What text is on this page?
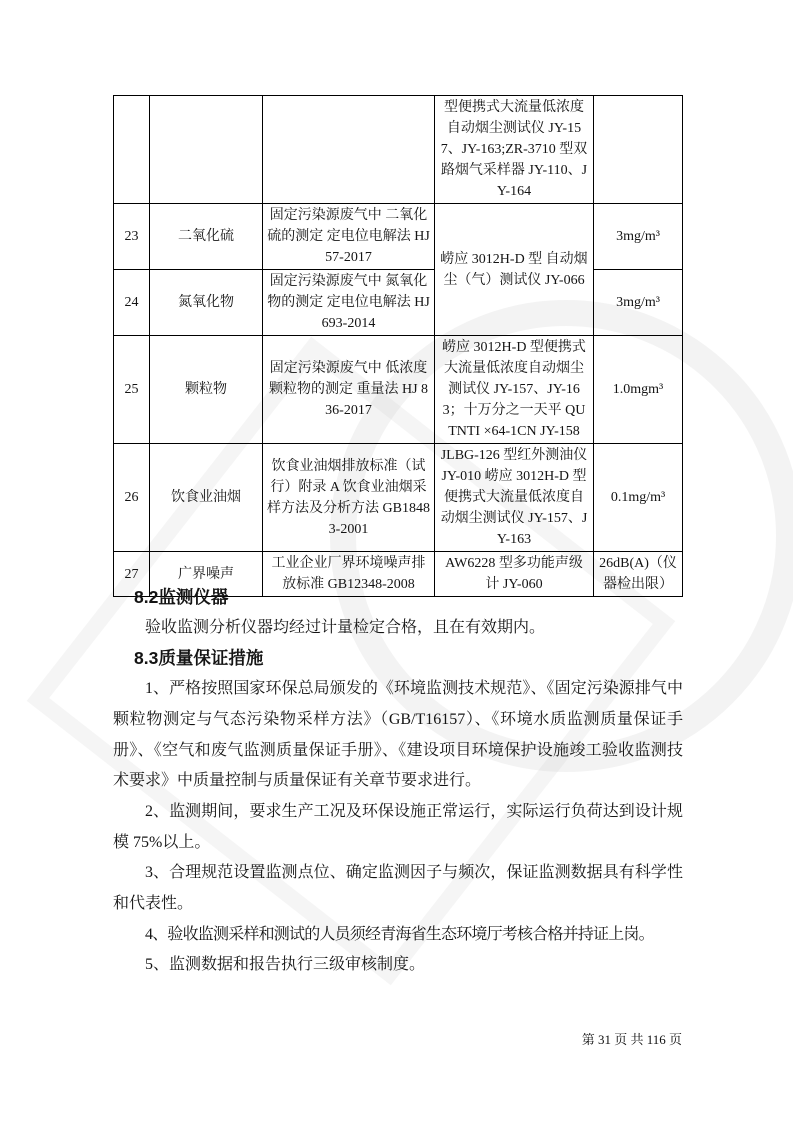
			型便携式大流量低浓度自动烟尘测试仪 JY-157、JY-163;ZR-3710 型双路烟气采样器 JY-110、JY-164	
23	二氧化硫	固定污染源废气中 二氧化硫的测定 定电位电解法 HJ 57-2017	崂应 3012H-D 型 自动烟尘（气）测试仪 JY-066	3mg/m³
24	氮氧化物	固定污染源废气中 氮氧化物的测定 定电位电解法 HJ693-2014		3mg/m³
25	颗粒物	固定污染源废气中 低浓度颗粒物的测定 重量法 HJ 836-2017	崂应 3012H-D 型便携式大流量低浓度自动烟尘测试仪 JY-157、JY-163；十万分之一天平 QUTNTI ×64-1CN JY-158	1.0mgm³
26	饮食业油烟	饮食业油烟排放标准（试行）附录 A 饮食业油烟采样方法及分析方法 GB18483-2001	JLBG-126 型红外测油仪 JY-010 崂应 3012H-D 型便携式大流量低浓度自动烟尘测试仪 JY-157、JY-163	0.1mg/m³
27	广界噪声	工业企业厂界环境噪声排放标准 GB12348-2008	AW6228 型多功能声级计 JY-060	26dB(A)（仪器检出限）
8.2监测仪器

验收监测分析仪器均经过计量检定合格，且在有效期内。

8.3质量保证措施

1、严格按照国家环保总局颁发的《环境监测技术规范》、《固定污染源排气中颗粒物测定与气态污染物采样方法》（GB/T16157）、《环境水质监测质量保证手册》、《空气和废气监测质量保证手册》、《建设项目环境保护设施竣工验收监测技术要求》中质量控制与质量保证有关章节要求进行。

2、监测期间，要求生产工况及环保设施正常运行，实际运行负荷达到设计规模 75%以上。

3、合理规范设置监测点位、确定监测因子与频次，保证监测数据具有科学性和代表性。

4、验收监测采样和测试的人员须经青海省生态环境厅考核合格并持证上岗。

5、监测数据和报告执行三级审核制度。

第 31 页 共 116 页
